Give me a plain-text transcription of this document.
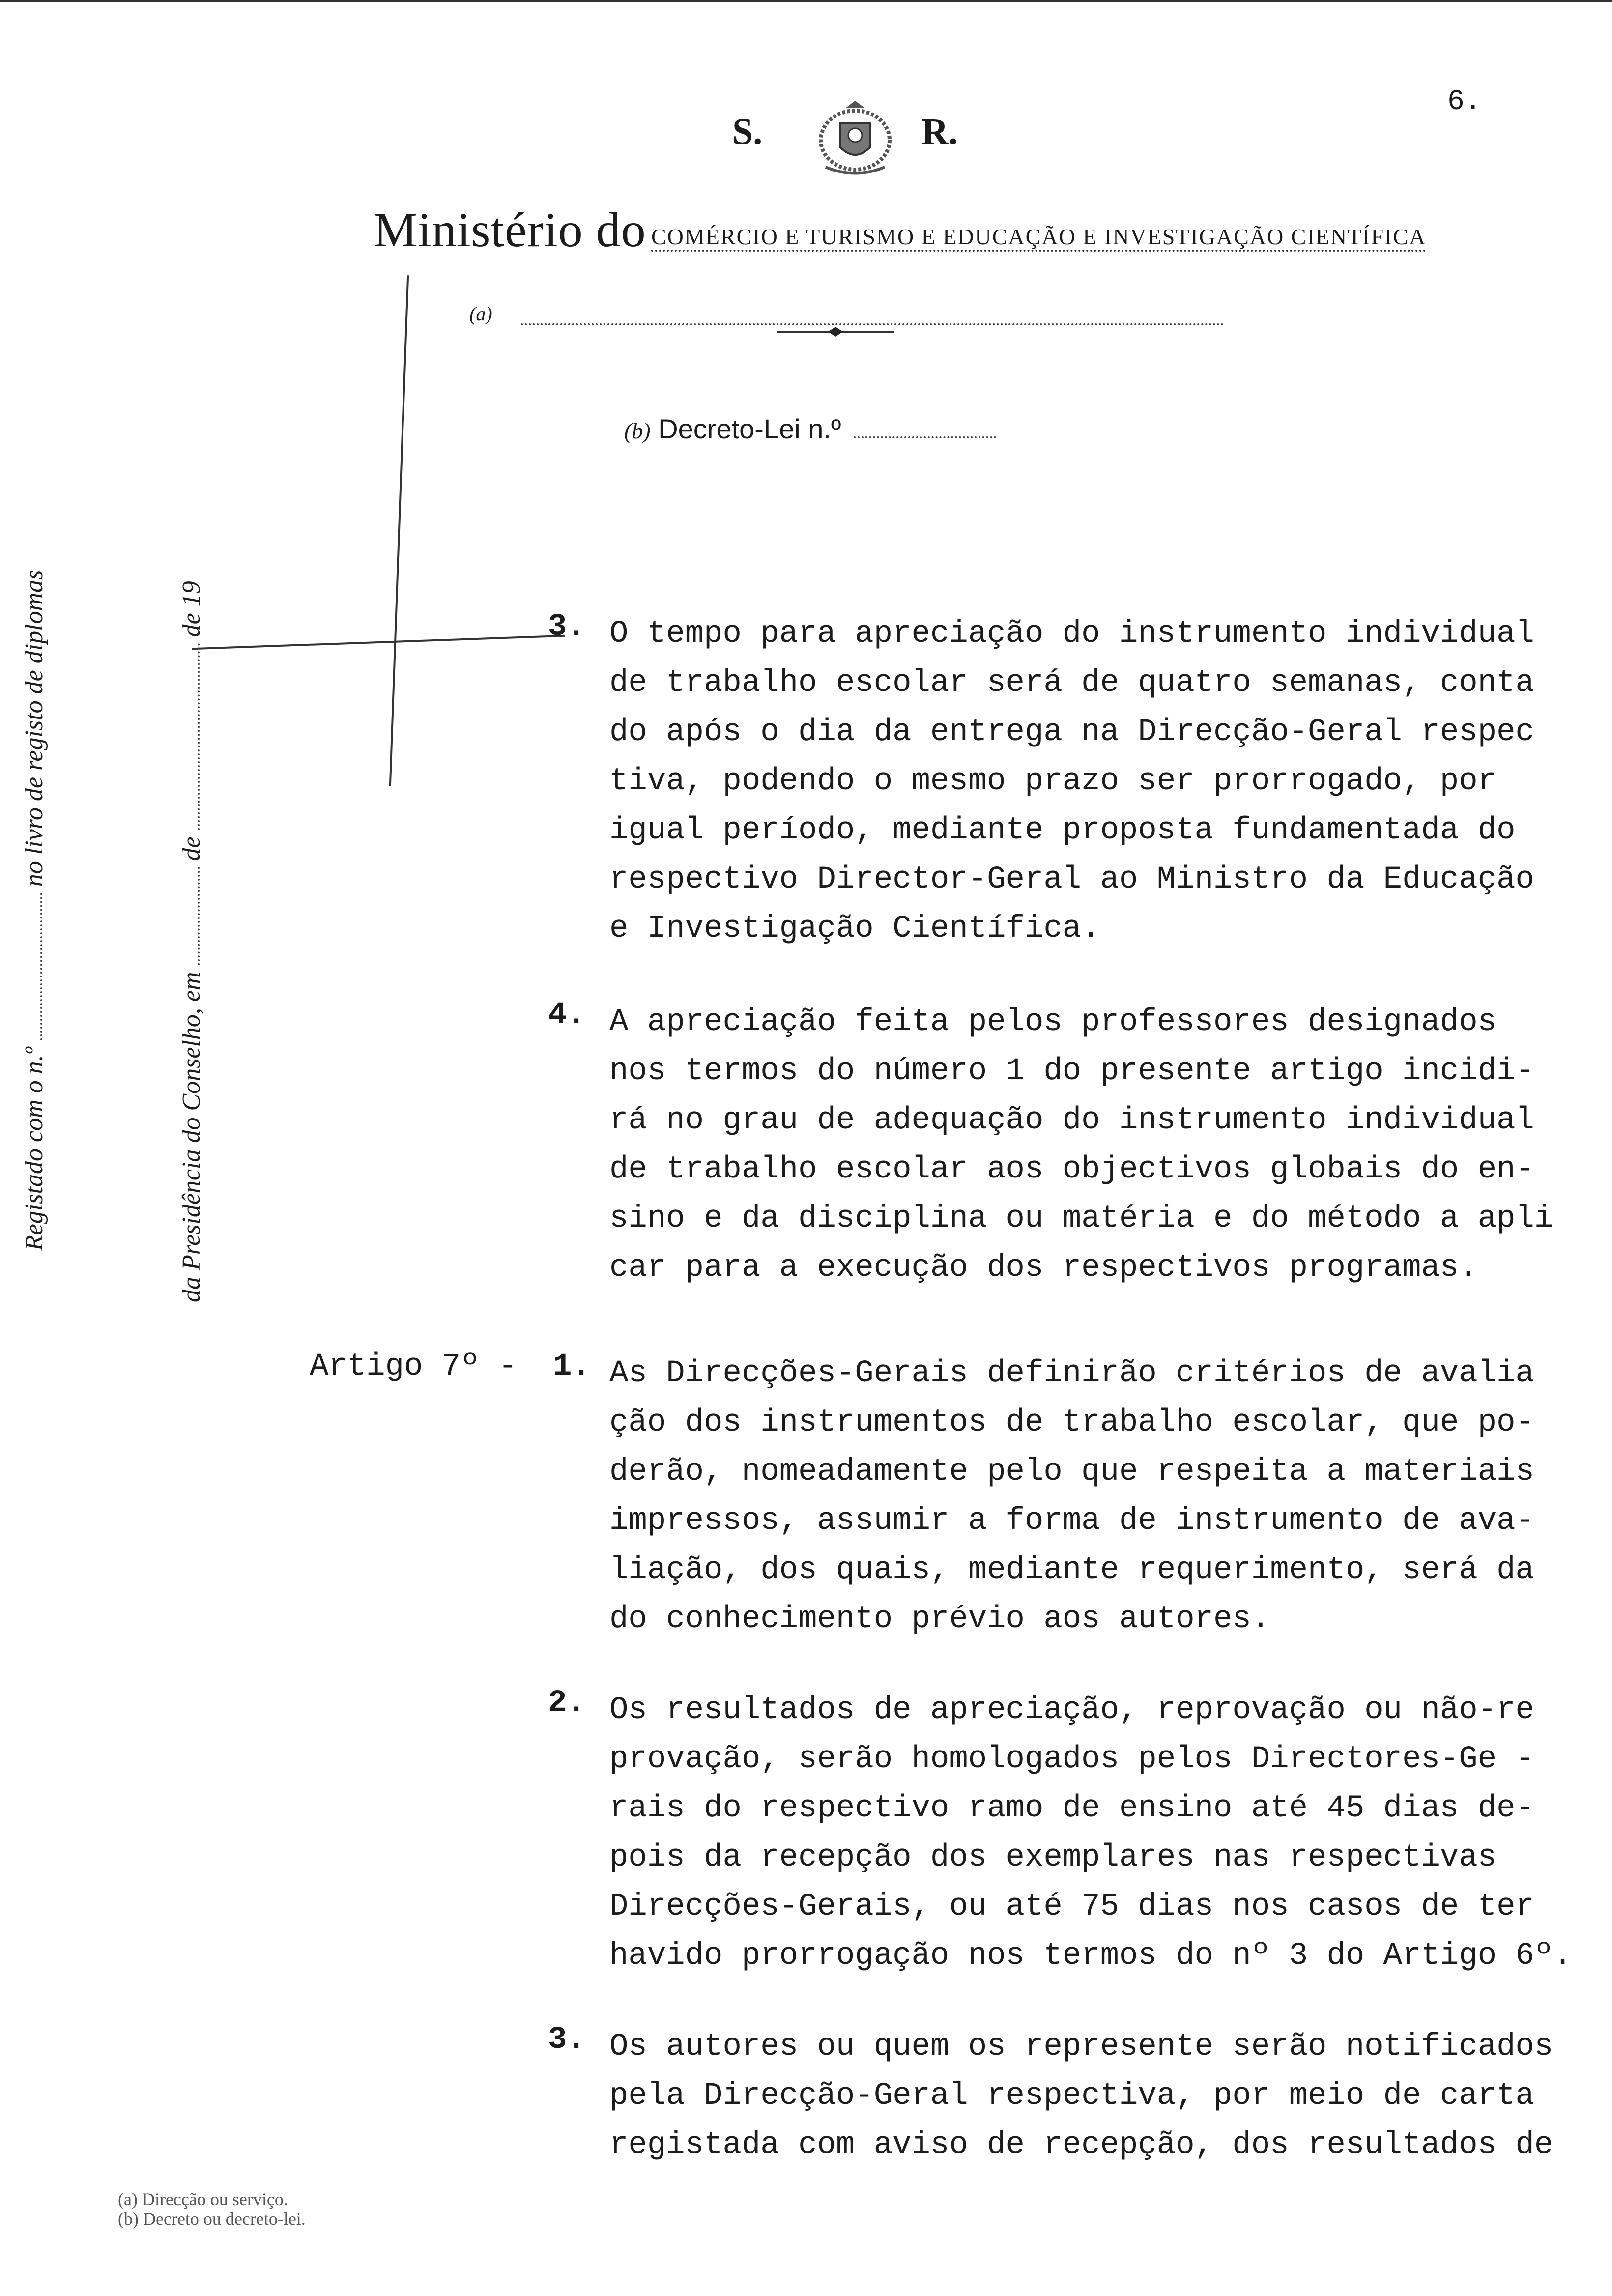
6.
S.	R.
Ministério do COMÉRCIO E TURISMO E EDUCAÇÃO E INVESTIGAÇÃO CIENTÍFICA
(a)
(b) Decreto-Lei n.º
Registado com o n.º  no livro de registo de diplomas
da Presidência do Conselho, em  de  de 19	3. O tempo para apreciação do instrumento individual
de trabalho escolar será de quatro semanas, conta
do após o dia da entrega na Direcção-Geral respec
tiva, podendo o mesmo prazo ser prorrogado, por
igual período, mediante proposta fundamentada do
respectivo Director-Geral ao Ministro da Educação
e Investigação Científica.
4. A apreciação feita pelos professores designados
nos termos do número 1 do presente artigo incidi-
rá no grau de adequação do instrumento individual
de trabalho escolar aos objectivos globais do en-
sino e da disciplina ou matéria e do método a apli
car para a execução dos respectivos programas.
Artigo 7º - 1. As Direcções-Gerais definirão critérios de avalia
ção dos instrumentos de trabalho escolar, que po-
derão, nomeadamente pelo que respeita a materiais
impressos, assumir a forma de instrumento de ava-
liação, dos quais, mediante requerimento, será da
do conhecimento prévio aos autores.
2. Os resultados de apreciação, reprovação ou não-re
provação, serão homologados pelos Directores-Ge -
rais do respectivo ramo de ensino até 45 dias de-
pois da recepção dos exemplares nas respectivas
Direcções-Gerais, ou até 75 dias nos casos de ter
havido prorrogação nos termos do nº 3 do Artigo 6º.
3. Os autores ou quem os represente serão notificados
pela Direcção-Geral respectiva, por meio de carta
registada com aviso de recepção, dos resultados de
(a) Direcção ou serviço.
(b) Decreto ou decreto-lei.
